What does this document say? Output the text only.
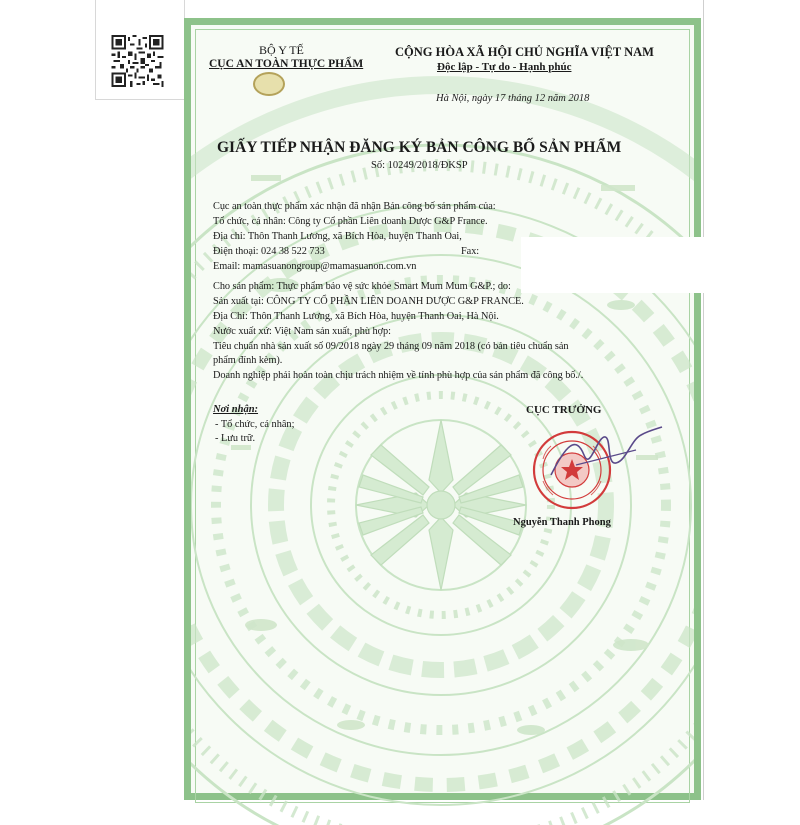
BỘ Y TẾ
CỤC AN TOÀN THỰC PHẨM
CỘNG HÒA XÃ HỘI CHỦ NGHĨA VIỆT NAM
Độc lập - Tự do - Hạnh phúc
Hà Nội, ngày 17 tháng 12 năm 2018
GIẤY TIẾP NHẬN ĐĂNG KÝ BẢN CÔNG BỐ SẢN PHẨM
Số: 10249/2018/ĐKSP
Cục an toàn thực phẩm xác nhận đã nhận Bản công bố sản phẩm của:
Tổ chức, cá nhân: Công ty Cổ phần Liên doanh Dược G&P France.
Địa chỉ: Thôn Thanh Lương, xã Bích Hòa, huyện Thanh Oai,
Điện thoại: 024 38 522 733	Fax:
Email: mamasuanongroup@mamasuanon.com.vn
Cho sản phẩm: Thực phẩm bảo vệ sức khỏe Smart Mum Mum G&P.; do:
Sản xuất tại: CÔNG TY CỔ PHẦN LIÊN DOANH DƯỢC G&P FRANCE.
Địa Chỉ: Thôn Thanh Lương, xã Bích Hòa, huyện Thanh Oai, Hà Nội.
Nước xuất xứ: Việt Nam sản xuất, phù hợp:
Tiêu chuẩn nhà sản xuất số 09/2018 ngày 29 tháng 09 năm 2018 (có bản tiêu chuẩn sản
phẩm đính kèm).
Doanh nghiệp phải hoàn toàn chịu trách nhiệm về tính phù hợp của sản phẩm đã công bố./.
Nơi nhận:
- Tổ chức, cá nhân;
- Lưu trữ.
CỤC TRƯỞNG
Nguyễn Thanh Phong
